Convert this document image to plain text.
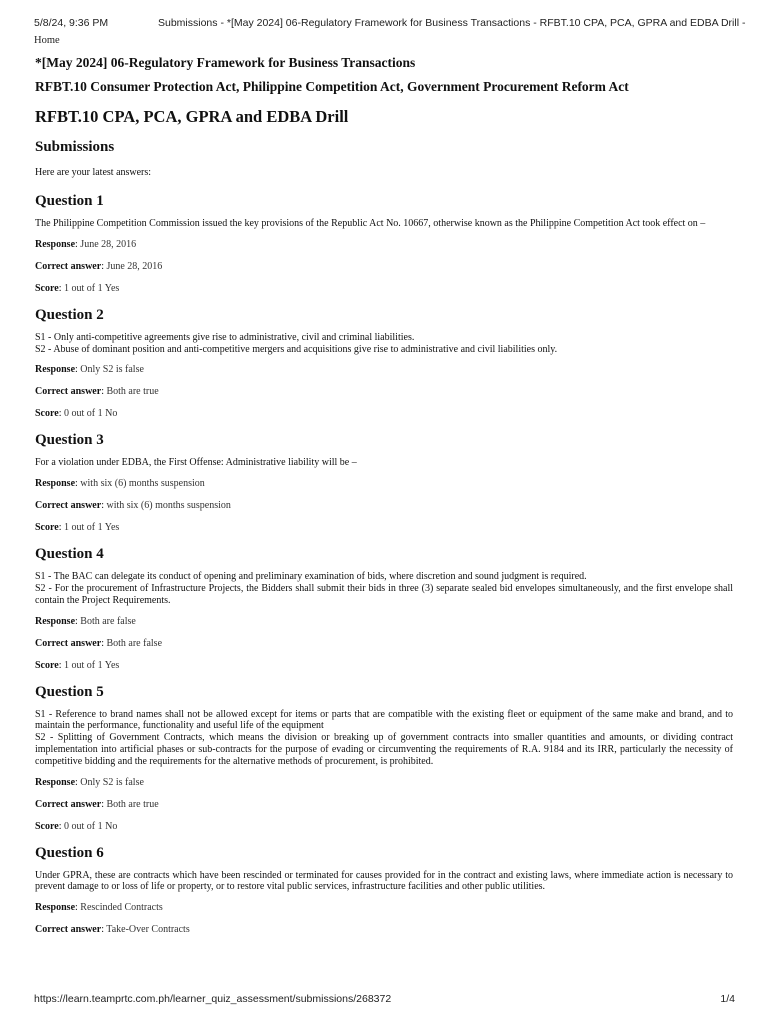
5/8/24, 9:36 PM	Submissions - *[May 2024] 06-Regulatory Framework for Business Transactions - RFBT.10 CPA, PCA, GPRA and EDBA Drill -
Home
*[May 2024] 06-Regulatory Framework for Business Transactions
RFBT.10 Consumer Protection Act, Philippine Competition Act, Government Procurement Reform Act
RFBT.10 CPA, PCA, GPRA and EDBA Drill
Submissions

Here are your latest answers:

Question 1

The Philippine Competition Commission issued the key provisions of the Republic Act No. 10667, otherwise known as the Philippine Competition Act took effect on –

Response: June 28, 2016

Correct answer: June 28, 2016

Score: 1 out of 1 Yes

Question 2

S1 - Only anti-competitive agreements give rise to administrative, civil and criminal liabilities.
S2 - Abuse of dominant position and anti-competitive mergers and acquisitions give rise to administrative and civil liabilities only.

Response: Only S2 is false

Correct answer: Both are true

Score: 0 out of 1 No

Question 3

For a violation under EDBA, the First Offense: Administrative liability will be –

Response: with six (6) months suspension

Correct answer: with six (6) months suspension

Score: 1 out of 1 Yes

Question 4

S1 - The BAC can delegate its conduct of opening and preliminary examination of bids, where discretion and sound judgment is required.
S2 - For the procurement of Infrastructure Projects, the Bidders shall submit their bids in three (3) separate sealed bid envelopes simultaneously, and the first envelope shall contain the Project Requirements.

Response: Both are false

Correct answer: Both are false

Score: 1 out of 1 Yes

Question 5

S1 - Reference to brand names shall not be allowed except for items or parts that are compatible with the existing fleet or equipment of the same make and brand, and to maintain the performance, functionality and useful life of the equipment
S2 - Splitting of Government Contracts, which means the division or breaking up of government contracts into smaller quantities and amounts, or dividing contract implementation into artificial phases or sub-contracts for the purpose of evading or circumventing the requirements of R.A. 9184 and its IRR, particularly the necessity of competitive bidding and the requirements for the alternative methods of procurement, is prohibited.

Response: Only S2 is false

Correct answer: Both are true

Score: 0 out of 1 No

Question 6

Under GPRA, these are contracts which have been rescinded or terminated for causes provided for in the contract and existing laws, where immediate action is necessary to prevent damage to or loss of life or property, or to restore vital public services, infrastructure facilities and other public utilities.

Response: Rescinded Contracts

Correct answer: Take-Over Contracts

https://learn.teamprtc.com.ph/learner_quiz_assessment/submissions/268372	1/4
